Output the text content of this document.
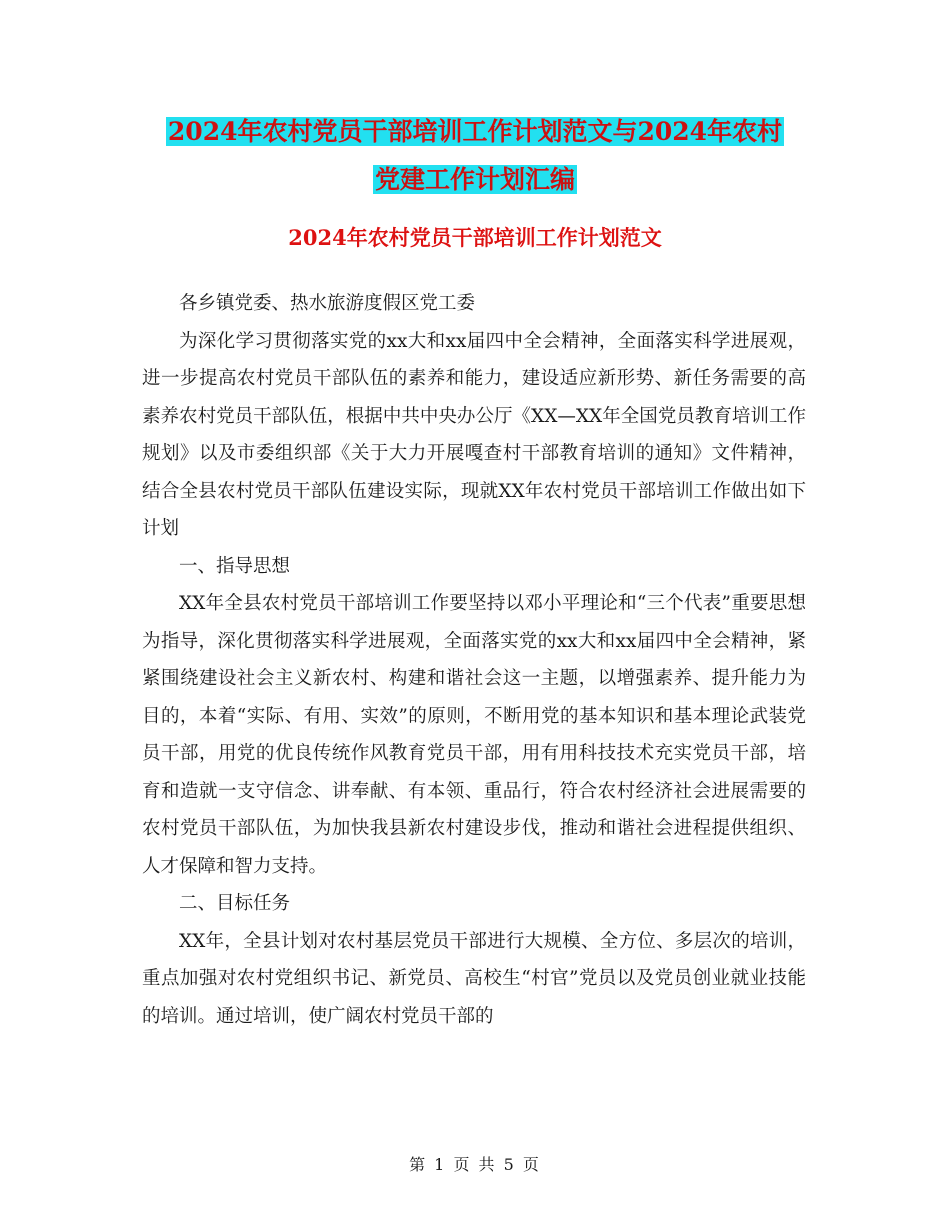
2024年农村党员干部培训工作计划范文与2024年农村
党建工作计划汇编
2024年农村党员干部培训工作计划范文

各乡镇党委、热水旅游度假区党工委

为深化学习贯彻落实党的xx大和xx届四中全会精神，全面落实科学进展观，进一步提高农村党员干部队伍的素养和能力，建设适应新形势、新任务需要的高素养农村党员干部队伍，根据中共中央办公厅《XX—XX年全国党员教育培训工作规划》以及市委组织部《关于大力开展嘎查村干部教育培训的通知》文件精神，结合全县农村党员干部队伍建设实际，现就XX年农村党员干部培训工作做出如下计划

一、指导思想

XX年全县农村党员干部培训工作要坚持以邓小平理论和“三个代表”重要思想为指导，深化贯彻落实科学进展观，全面落实党的xx大和xx届四中全会精神，紧紧围绕建设社会主义新农村、构建和谐社会这一主题，以增强素养、提升能力为目的，本着“实际、有用、实效”的原则，不断用党的基本知识和基本理论武装党员干部，用党的优良传统作风教育党员干部，用有用科技技术充实党员干部，培育和造就一支守信念、讲奉献、有本领、重品行，符合农村经济社会进展需要的农村党员干部队伍，为加快我县新农村建设步伐，推动和谐社会进程提供组织、人才保障和智力支持。

二、目标任务

XX年，全县计划对农村基层党员干部进行大规模、全方位、多层次的培训，重点加强对农村党组织书记、新党员、高校生“村官”党员以及党员创业就业技能的培训。通过培训，使广阔农村党员干部的

第 1 页 共 5 页
